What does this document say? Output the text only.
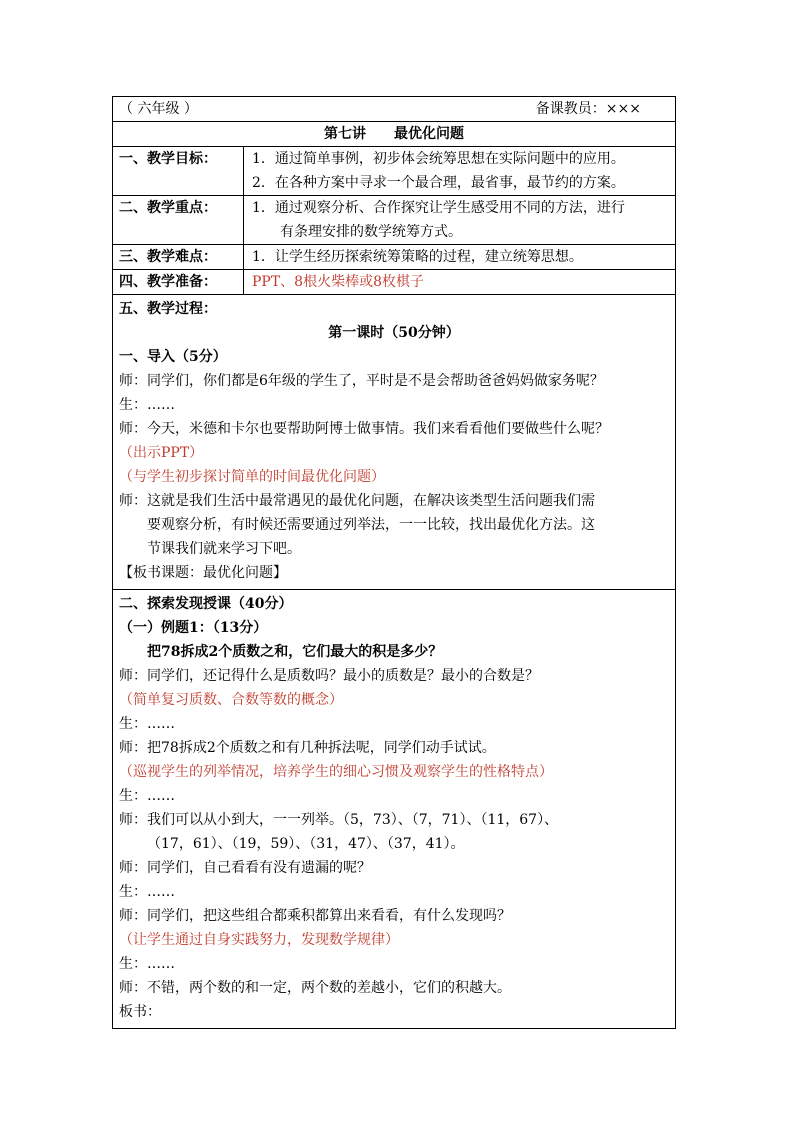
（ 六年级 ）	备课教员：×××
第七讲　　最优化问题
一、教学目标：	1．通过简单事例，初步体会统筹思想在实际问题中的应用。
2．在各种方案中寻求一个最合理，最省事，最节约的方案。
二、教学重点：	1．通过观察分析、合作探究让学生感受用不同的方法，进行
有条理安排的数学统筹方式。
三、教学难点：	1．让学生经历探索统筹策略的过程，建立统筹思想。
四、教学准备：	PPT、8根火柴棒或8枚棋子
五、教学过程：
第一课时（50分钟）
一、导入（5分）
师：同学们，你们都是6年级的学生了，平时是不是会帮助爸爸妈妈做家务呢？
生：……
师：今天，米德和卡尔也要帮助阿博士做事情。我们来看看他们要做些什么呢？
（出示PPT）
（与学生初步探讨简单的时间最优化问题）
师：这就是我们生活中最常遇见的最优化问题，在解决该类型生活问题我们需
要观察分析，有时候还需要通过列举法，一一比较，找出最优化方法。这
节课我们就来学习下吧。
【板书课题：最优化问题】
二、探索发现授课（40分）
（一）例题1：（13分）
把78拆成2个质数之和，它们最大的积是多少？
师：同学们，还记得什么是质数吗？最小的质数是？最小的合数是？
（简单复习质数、合数等数的概念）
生：……
师：把78拆成2个质数之和有几种拆法呢，同学们动手试试。
（巡视学生的列举情况，培养学生的细心习惯及观察学生的性格特点）
生：……
师：我们可以从小到大，一一列举。（5，73）、（7，71）、（11，67）、
（17，61）、（19，59）、（31，47）、（37，41）。
师：同学们，自己看看有没有遗漏的呢？
生：……
师：同学们，把这些组合都乘积都算出来看看，有什么发现吗？
（让学生通过自身实践努力，发现数学规律）
生：……
师：不错，两个数的和一定，两个数的差越小，它们的积越大。
板书：
